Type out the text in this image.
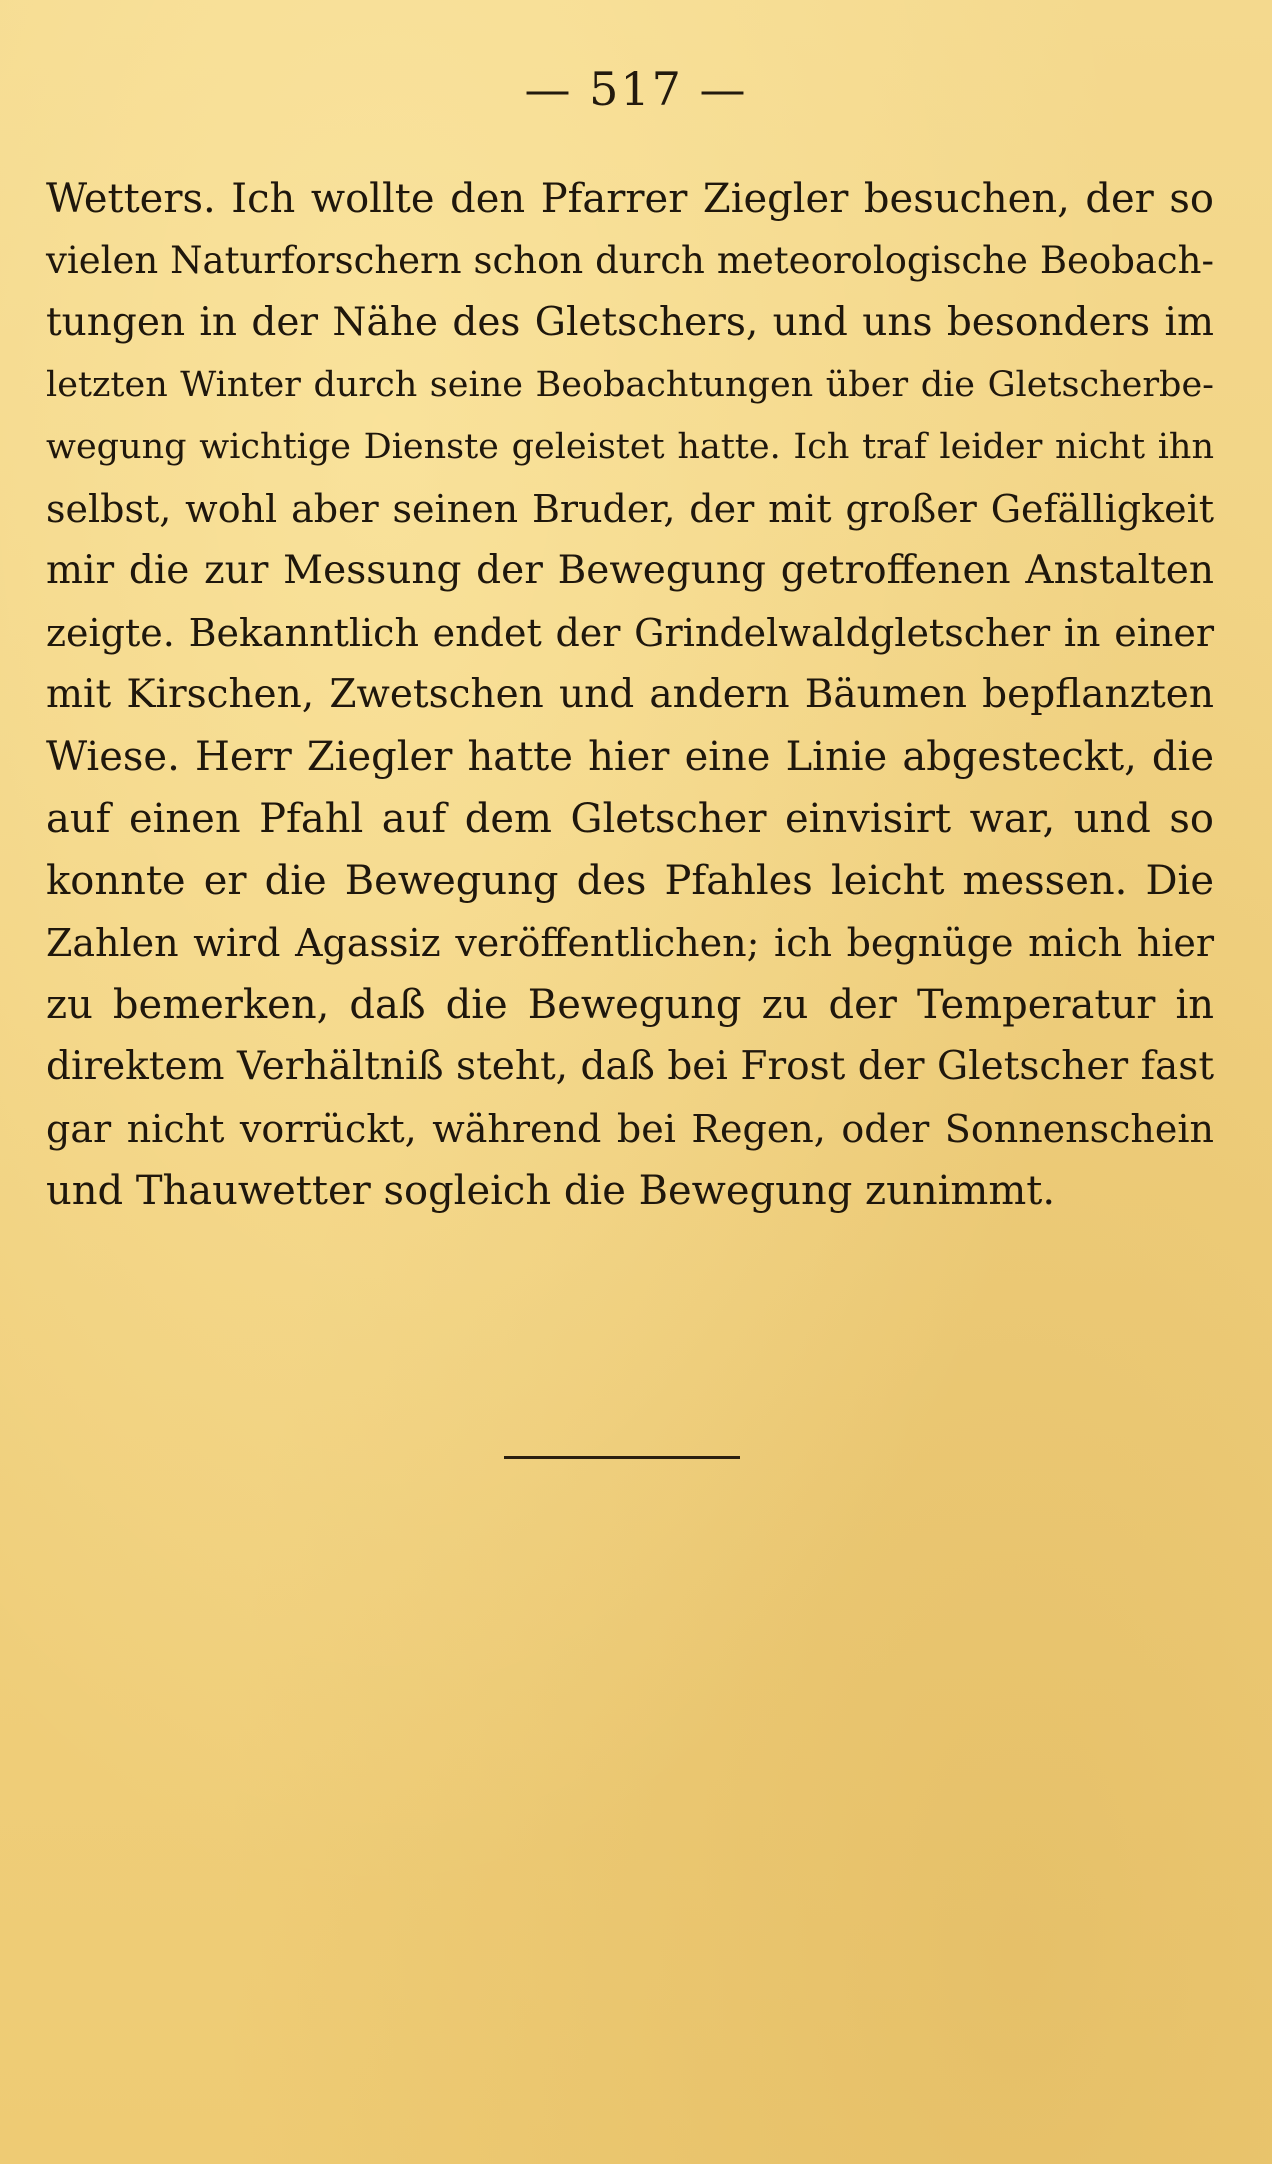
— 517 —
Wetters. Ich wollte den Pfarrer Ziegler besuchen, der so
vielen Naturforschern schon durch meteorologische Beobach-
tungen in der Nähe des Gletschers, und uns besonders im
letzten Winter durch seine Beobachtungen über die Gletscherbe-
wegung wichtige Dienste geleistet hatte. Ich traf leider nicht ihn
selbst, wohl aber seinen Bruder, der mit großer Gefälligkeit
mir die zur Messung der Bewegung getroffenen Anstalten
zeigte. Bekanntlich endet der Grindelwaldgletscher in einer
mit Kirschen, Zwetschen und andern Bäumen bepflanzten
Wiese. Herr Ziegler hatte hier eine Linie abgesteckt, die
auf einen Pfahl auf dem Gletscher einvisirt war, und so
konnte er die Bewegung des Pfahles leicht messen. Die
Zahlen wird Agassiz veröffentlichen; ich begnüge mich hier
zu bemerken, daß die Bewegung zu der Temperatur in
direktem Verhältniß steht, daß bei Frost der Gletscher fast
gar nicht vorrückt, während bei Regen, oder Sonnenschein
und Thauwetter sogleich die Bewegung zunimmt.
